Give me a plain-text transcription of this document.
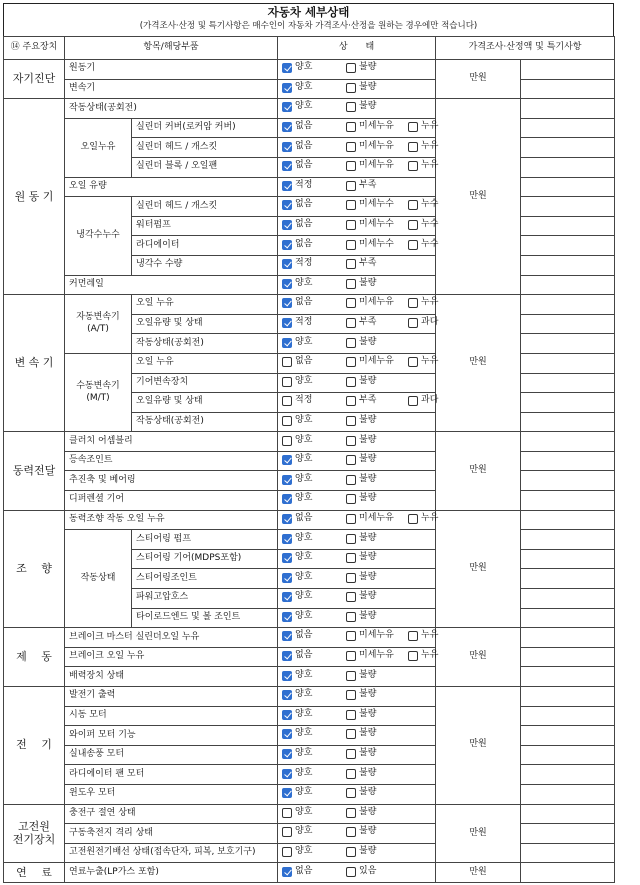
자동차 세부상태
(가격조사·산정 및 특기사항은 매수인이 자동차 가격조사·산정을 원하는 경우에만 적습니다)
⑭ 주요장치	항목/해당부품		상　　태	가격조사·산정액 및 특기사항	
자기진단	원동기		양호 불량	만원	
	변속기		양호 불량		
원 동 기	작동상태(공회전)		양호 불량	만원	
	오일누유	실린더 커버(로커암 커버)	없음 미세누유 누유		
		실린더 헤드 / 개스킷	없음 미세누유 누유		
		실린더 블록 / 오일팬	없음 미세누유 누유		
	오일 유량		적정 부족		
	냉각수누수	실린더 헤드 / 개스킷	없음 미세누수 누수		
		워터펌프	없음 미세누수 누수		
		라디에이터	없음 미세누수 누수		
		냉각수 수량	적정 부족		
	커먼레일		양호 불량		
변 속 기	자동변속기
(A/T)	오일 누유	없음 미세누유 누유	만원	
		오일유량 및 상태	적정 부족 과다		
		작동상태(공회전)	양호 불량		
	수동변속기
(M/T)	오일 누유	없음 미세누유 누유		
		기어변속장치	양호 불량		
		오일유량 및 상태	적정 부족 과다		
		작동상태(공회전)	양호 불량		
동력전달	클러치 어셈블리		양호 불량	만원	
	등속조인트		양호 불량		
	추진축 및 베어링		양호 불량		
	디퍼렌셜 기어		양호 불량		
조　 향	동력조향 작동 오일 누유		없음 미세누유 누유	만원	
	작동상태	스티어링 펌프	양호 불량		
		스티어링 기어(MDPS포함)	양호 불량		
		스티어링조인트	양호 불량		
		파워고압호스	양호 불량		
		타이로드엔드 및 볼 조인트	양호 불량		
제　 동	브레이크 마스터 실린더오일 누유		없음 미세누유 누유	만원	
	브레이크 오일 누유		없음 미세누유 누유		
	배력장치 상태		양호 불량		
전　 기	발전기 출력		양호 불량	만원	
	시동 모터		양호 불량		
	와이퍼 모터 기능		양호 불량		
	실내송풍 모터		양호 불량		
	라디에이터 팬 모터		양호 불량		
	윈도우 모터		양호 불량		
고전원
전기장치	충전구 절연 상태		양호 불량	만원	
	구동축전지 격리 상태		양호 불량		
	고전원전기배선 상태(접속단자, 피복, 보호기구)		양호 불량		
연　 료	연료누출(LP가스 포함)		없음 있음	만원	
